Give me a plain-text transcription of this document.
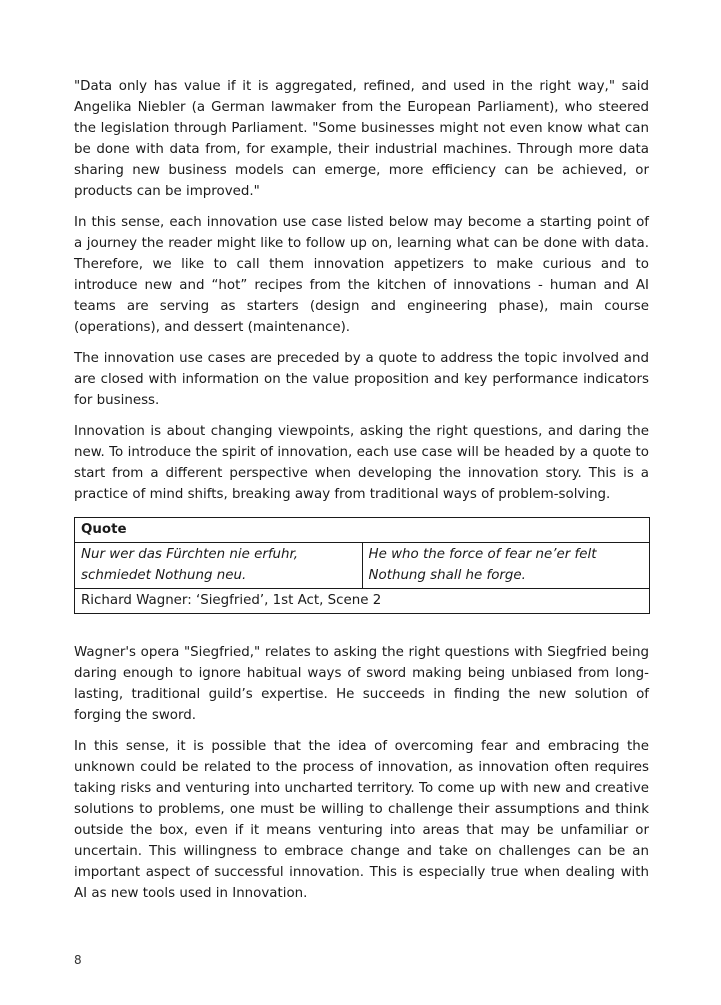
"Data only has value if it is aggregated, refined, and used in the right way," said Angelika Niebler (a German lawmaker from the European Parliament), who steered the legislation through Parliament. "Some businesses might not even know what can be done with data from, for example, their industrial machines. Through more data sharing new business models can emerge, more efficiency can be achieved, or products can be improved."

In this sense, each innovation use case listed below may become a starting point of a journey the reader might like to follow up on, learning what can be done with data. Therefore, we like to call them innovation appetizers to make curious and to introduce new and “hot” recipes from the kitchen of innovations - human and AI teams are serving as starters (design and engineering phase), main course (operations), and dessert (maintenance).

The innovation use cases are preceded by a quote to address the topic involved and are closed with information on the value proposition and key performance indicators for business.

Innovation is about changing viewpoints, asking the right questions, and daring the new. To introduce the spirit of innovation, each use case will be headed by a quote to start from a different perspective when developing the innovation story. This is a practice of mind shifts, breaking away from traditional ways of problem-solving.

Quote

Nur wer das Fürchten nie erfuhr,
schmiedet Nothung neu.

He who the force of fear ne’er felt
Nothung shall he forge.

Richard Wagner: ‘Siegfried’, 1st Act, Scene 2

Wagner's opera "Siegfried," relates to asking the right questions with Siegfried being daring enough to ignore habitual ways of sword making being unbiased from long-lasting, traditional guild’s expertise. He succeeds in finding the new solution of forging the sword.

In this sense, it is possible that the idea of overcoming fear and embracing the unknown could be related to the process of innovation, as innovation often requires taking risks and venturing into uncharted territory. To come up with new and creative solutions to problems, one must be willing to challenge their assumptions and think outside the box, even if it means venturing into areas that may be unfamiliar or uncertain. This willingness to embrace change and take on challenges can be an important aspect of successful innovation. This is especially true when dealing with AI as new tools used in Innovation.

8
